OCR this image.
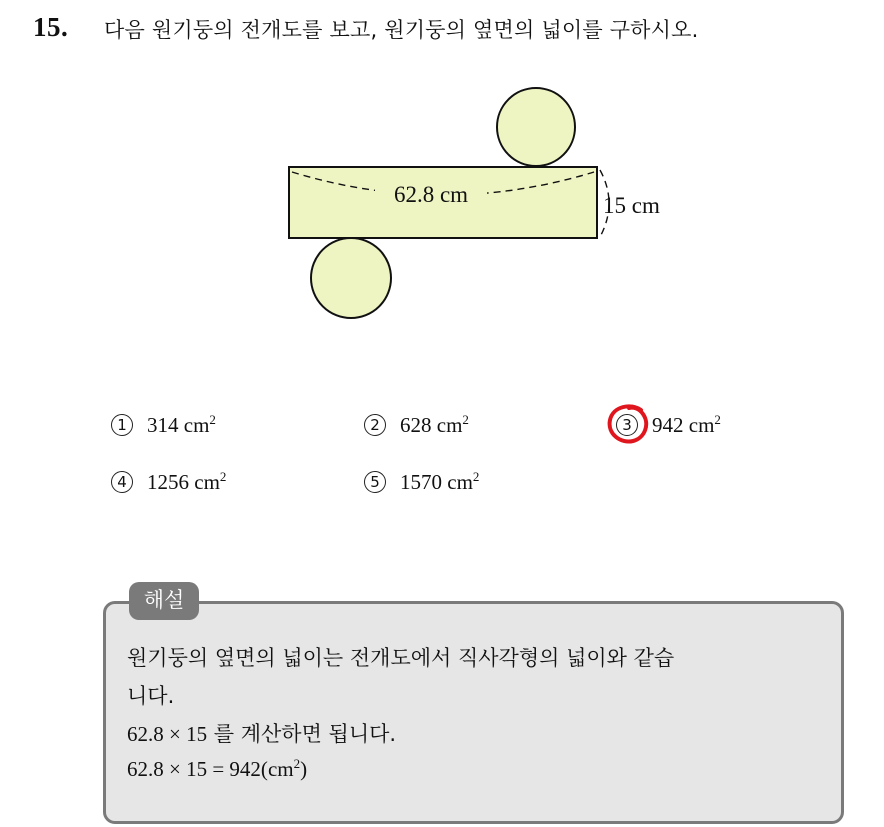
15. 다음 원기둥의 전개도를 보고, 원기둥의 옆면의 넓이를 구하시오.
62.8 cm	15 cm
1 314 $cm^2$	2 628 $cm^2$	3 942 $cm^2$
4 1256 $cm^2$	5 1570 $cm^2$
해설
원기둥의 옆면의 넓이는 전개도에서 직사각형의 넓이와 같습
니다.
62.8 × 15 를 계산하면 됩니다.
$62.8 \times 15 = 942(cm^2)$
